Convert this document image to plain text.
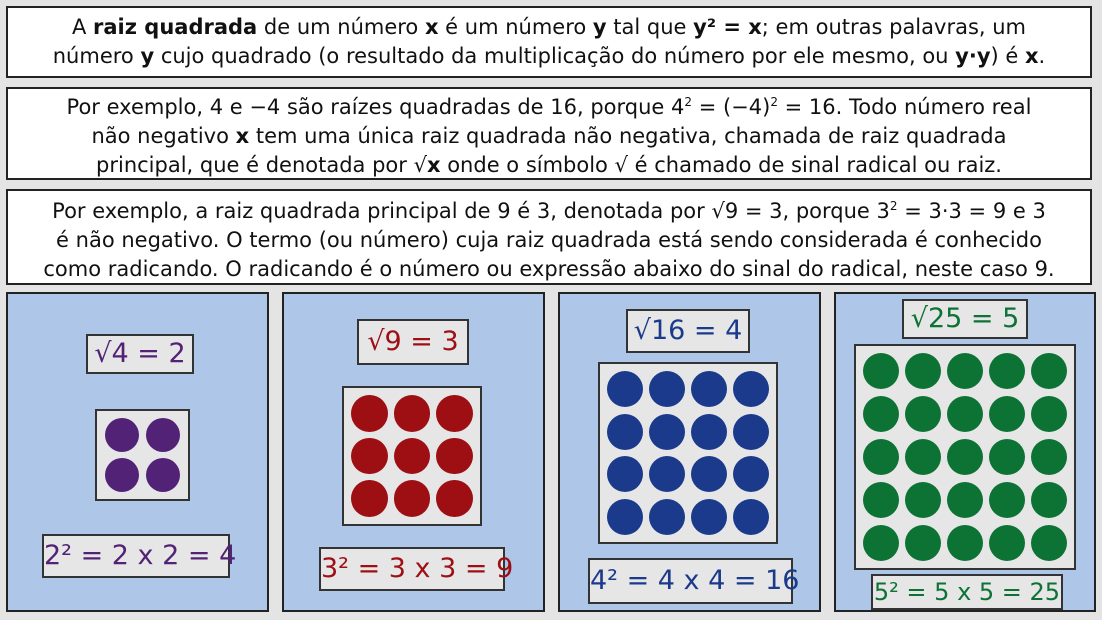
A raiz quadrada de um número x é um número y tal que y² = x; em outras palavras, um
número y cujo quadrado (o resultado da multiplicação do número por ele mesmo, ou y·y) é x.
Por exemplo, 4 e −4 são raízes quadradas de 16, porque $4^2 = (-4)^2 = 16$. Todo número real
não negativo x tem uma única raiz quadrada não negativa, chamada de raiz quadrada
principal, que é denotada por √x onde o símbolo √ é chamado de sinal radical ou raiz.
Por exemplo, a raiz quadrada principal de 9 é 3, denotada por √9 = 3, porque $3^2 = 3\cdot 3 = 9$ e 3
é não negativo. O termo (ou número) cuja raiz quadrada está sendo considerada é conhecido
como radicando. O radicando é o número ou expressão abaixo do sinal do radical, neste caso 9.
√4 = 2
2² = 2 x 2 = 4
√9 = 3
3² = 3 x 3 = 9
√16 = 4
4² = 4 x 4 = 16
√25 = 5
5² = 5 x 5 = 25
